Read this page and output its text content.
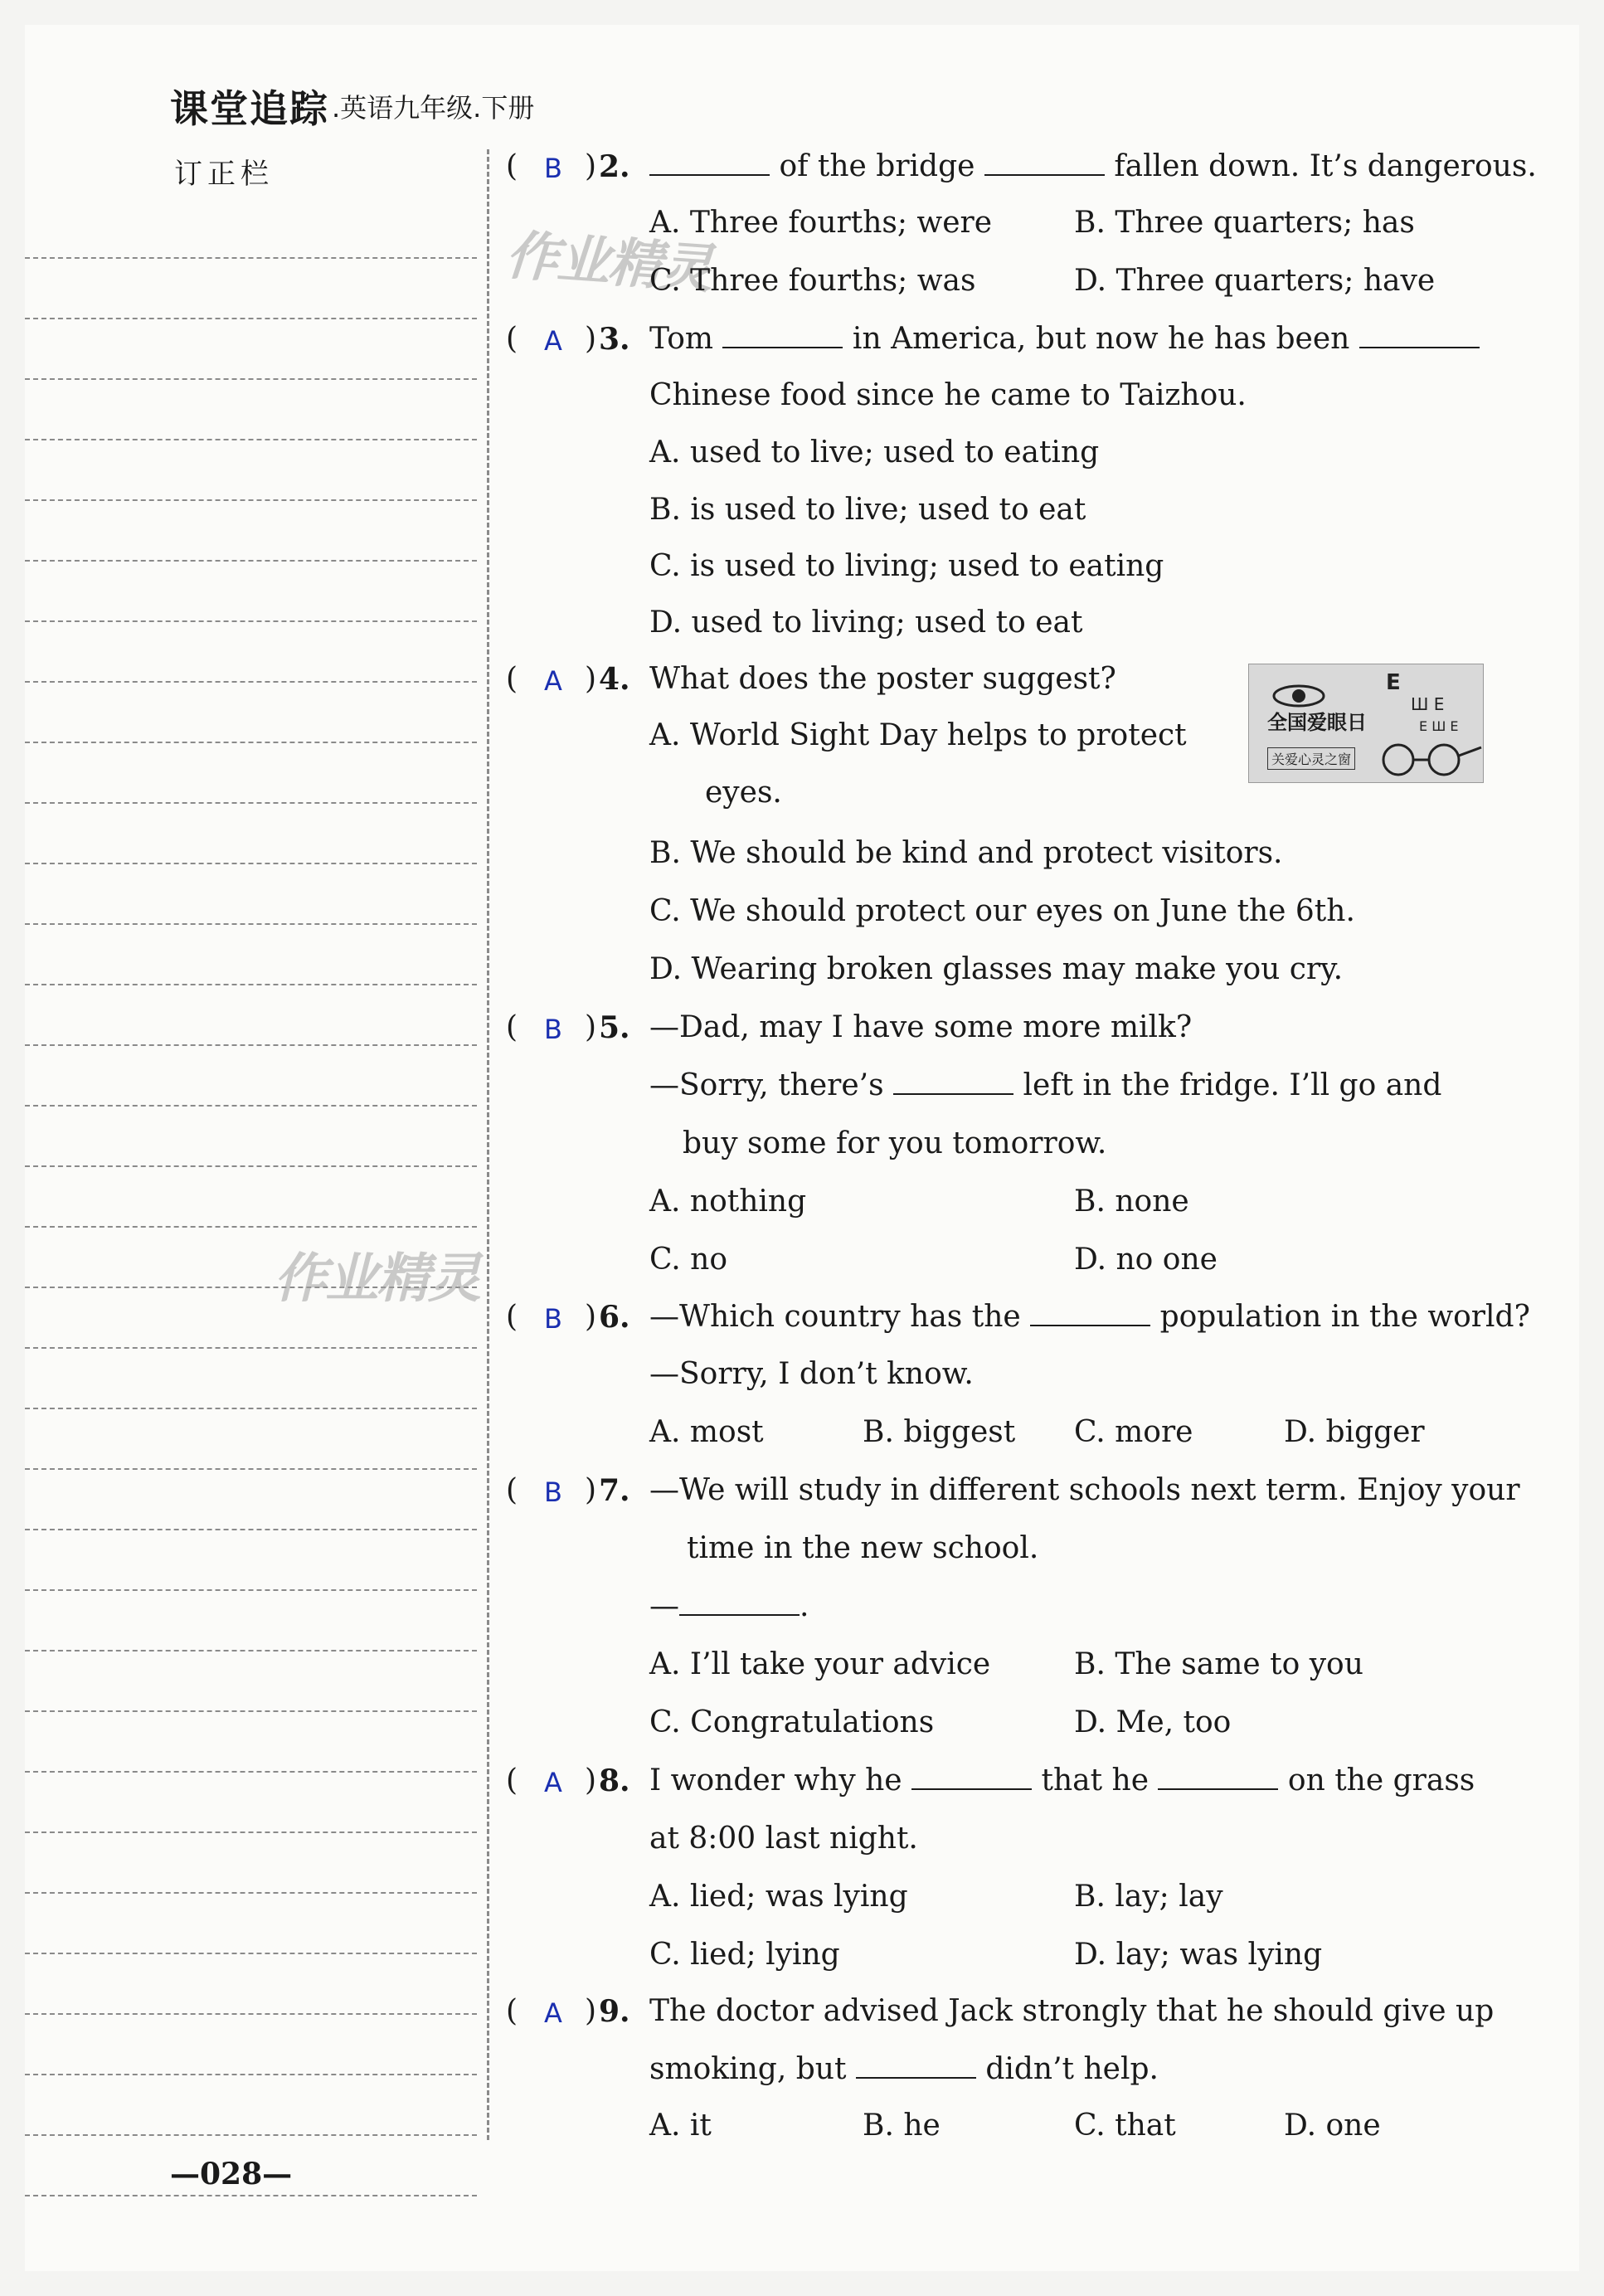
课堂追踪 .英语九年级.下册
订正栏
作业精灵
作业精灵
( B ) 2.	of the bridge	fallen down. It’s dangerous.
A. Three fourths; were	B. Three quarters; has
C. Three fourths; was	D. Three quarters; have
( A ) 3. Tom	in America, but now he has been
Chinese food since he came to Taizhou.
A. used to live; used to eating
B. is used to live; used to eat
C. is used to living; used to eating
D. used to living; used to eat
( A ) 4. What does the poster suggest?
A. World Sight Day helps to protect
eyes.
B. We should be kind and protect visitors.
C. We should protect our eyes on June the 6th.
D. Wearing broken glasses may make you cry.
E
Ш E
E Ш E
全国爱眼日
关爱心灵之窗
( B ) 5. —Dad, may I have some more milk?
—Sorry, there’s	left in the fridge. I’ll go and
buy some for you tomorrow.
A. nothing	B. none
C. no	D. no one
( B ) 6. —Which country has the	population in the world?
—Sorry, I don’t know.
A. most	B. biggest C. more	D. bigger
( B ) 7. —We will study in different schools next term. Enjoy your
time in the new school.
—	.
A. I’ll take your advice	B. The same to you
C. Congratulations	D. Me, too
( A ) 8. I wonder why he	that he	on the grass
at 8:00 last night.
A. lied; was lying	B. lay; lay
C. lied; lying	D. lay; was lying
( A ) 9. The doctor advised Jack strongly that he should give up
smoking, but	didn’t help.
A. it	B. he	C. that	D. one
—028—
